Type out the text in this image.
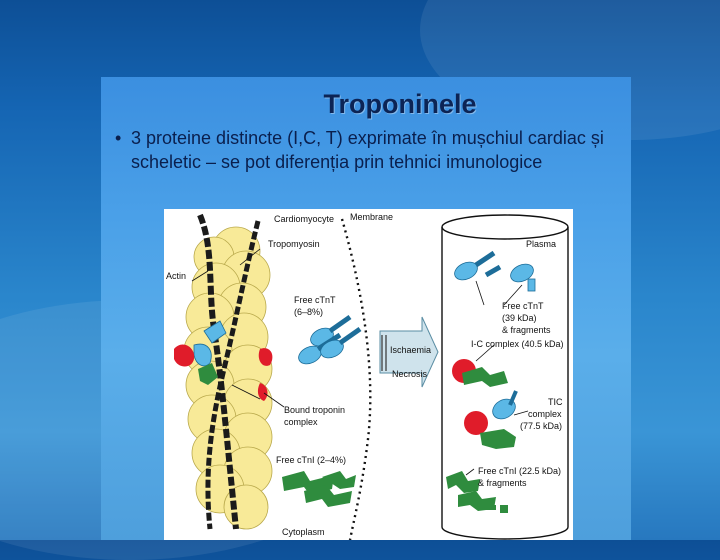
Troponinele
• 3 proteine distincte (I,C, T) exprimate în mușchiul cardiac și scheletic – se pot diferenția prin tehnici imunologice
Cardiomyocyte Membrane
Tropomyosin
Actin
Free cTnT
(6–8%)
Bound troponin
complex
Free cTnI (2–4%)
Cytoplasm
Ischaemia
Necrosis
Plasma
Free cTnT
(39 kDa)
& fragments
I-C complex (40.5 kDa)
TIC
complex
(77.5 kDa)
Free cTnI (22.5 kDa)
& fragments
